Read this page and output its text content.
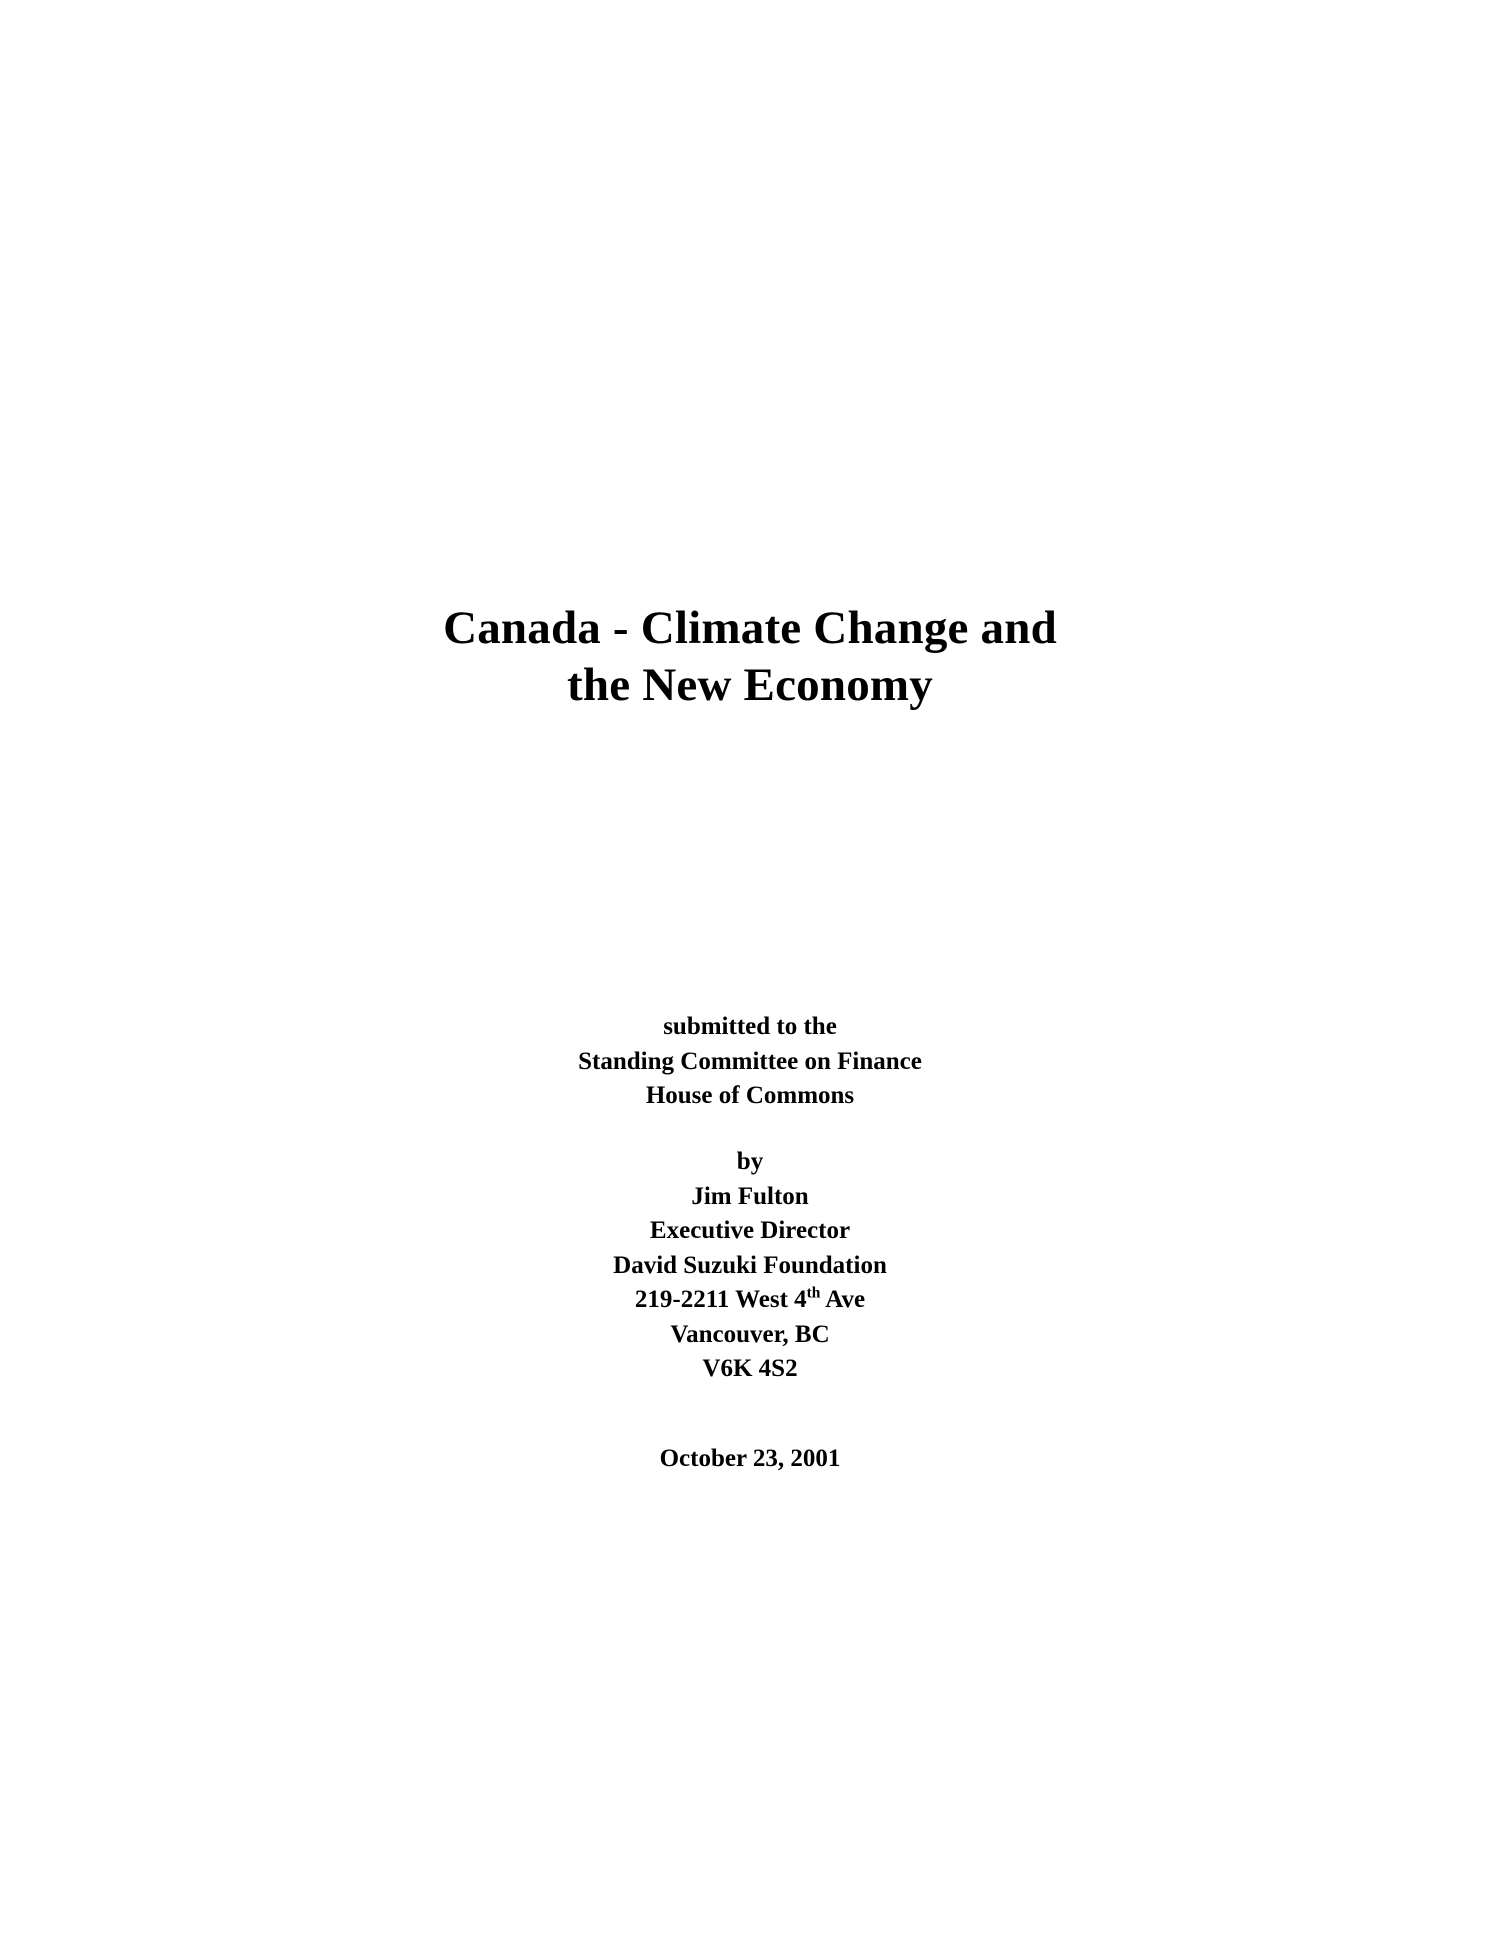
Canada - Climate Change and
the New Economy
submitted to the
Standing Committee on Finance
House of Commons
by
Jim Fulton
Executive Director
David Suzuki Foundation
219-2211 West 4th Ave
Vancouver, BC
V6K 4S2
October 23, 2001
